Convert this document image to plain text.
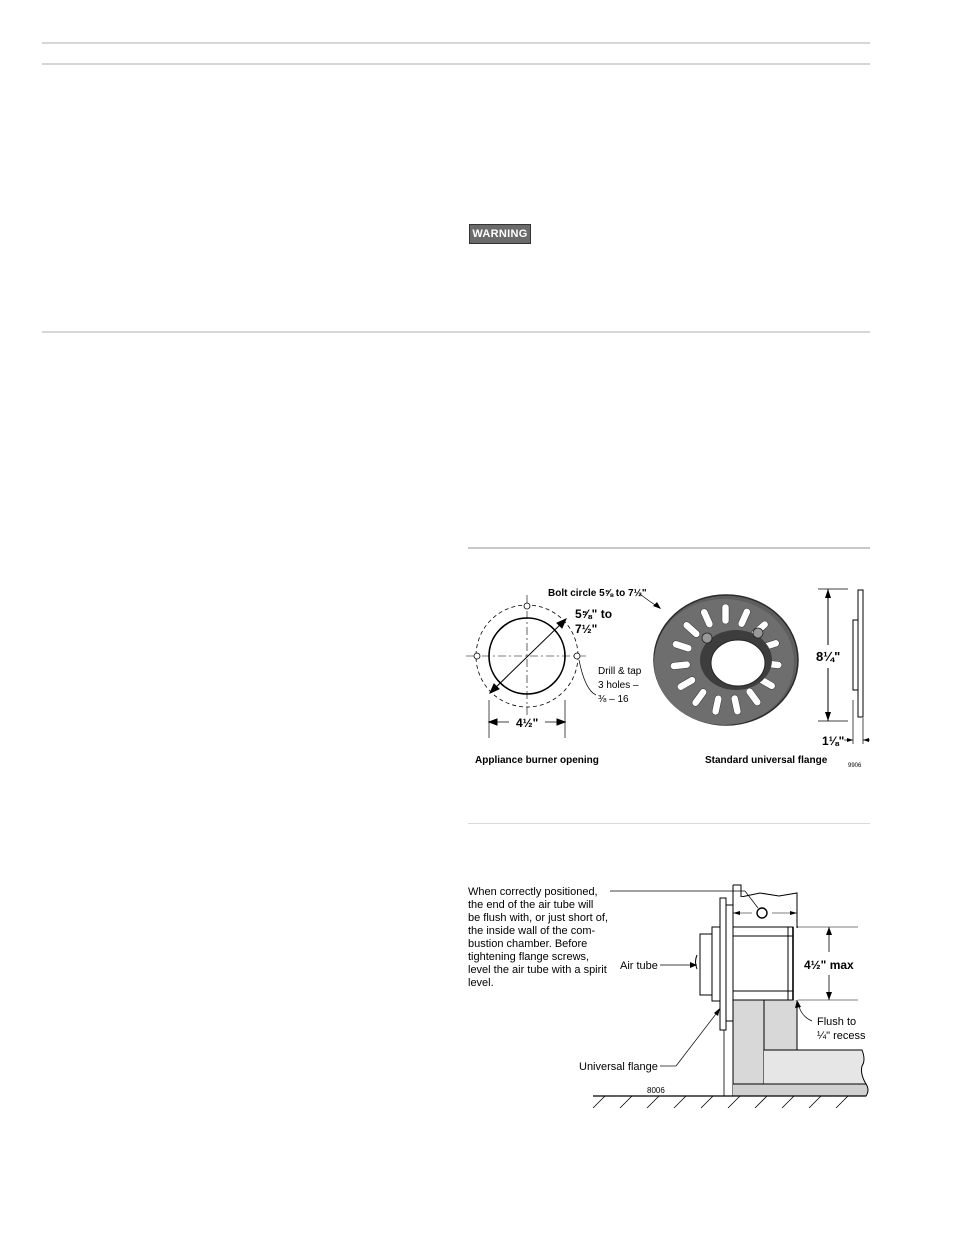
WARNING
Bolt circle 5⅝ to 7½"
5⅝" to
7½"
Drill & tap
3 holes –
⅜ – 16
4½"
8¼"
1⅛"
Appliance burner opening	Standard universal flange	9906
Air tube	4½" max
Flush to
¼" recess
Universal flange
8006
When correctly positioned,
the end of the air tube will
be flush with, or just short of,
the inside wall of the com-
bustion chamber. Before
tightening flange screws,
level the air tube with a spirit
level.
